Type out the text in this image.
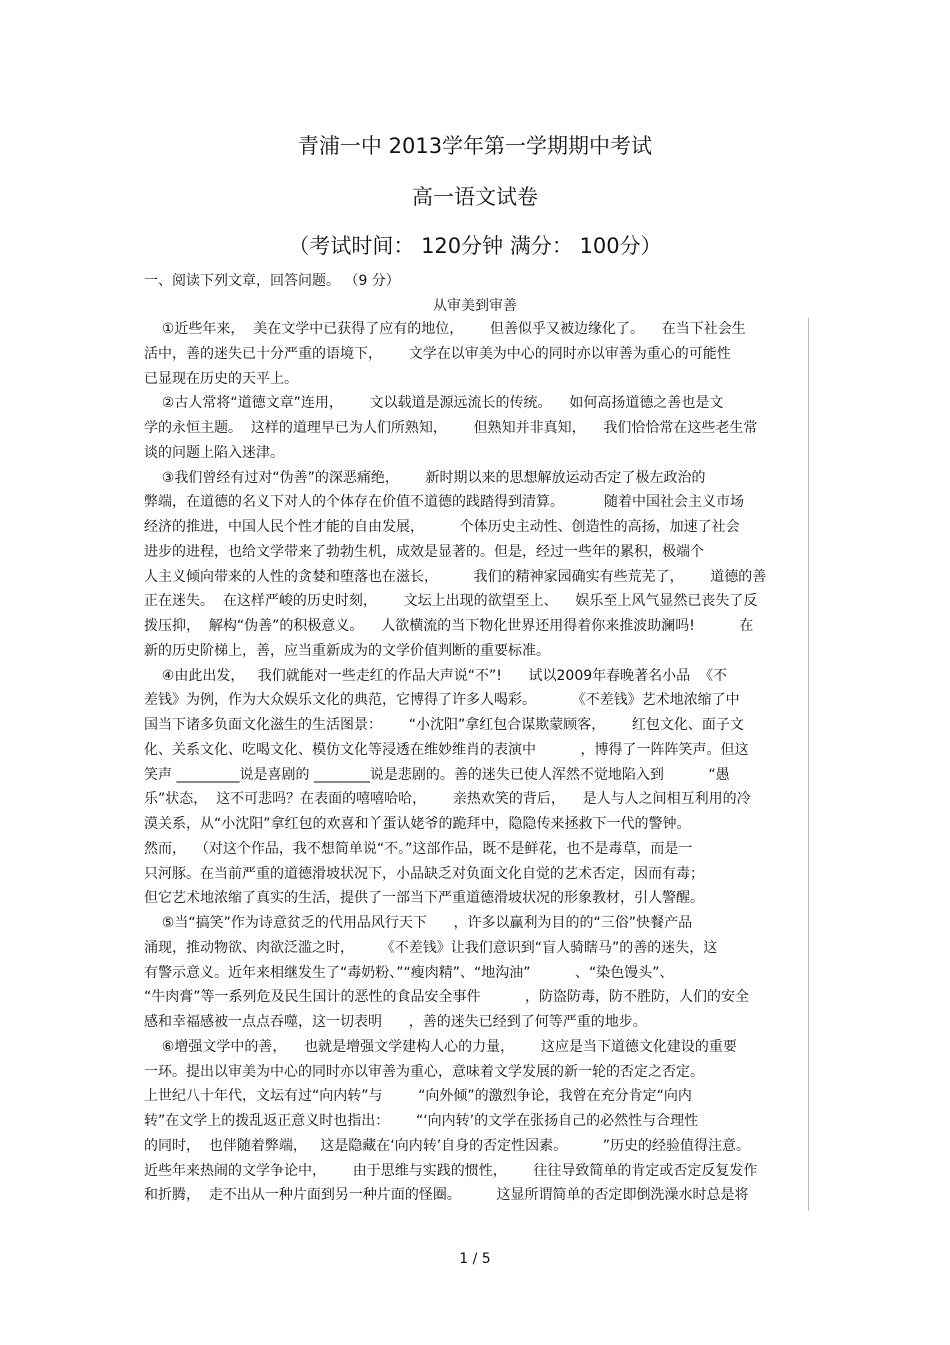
青浦一中 2013学年第一学期期中考试
高一语文试卷
（考试时间： 120分钟 满分： 100分）
一、阅读下列文章，回答问题。 （9 分）
从审美到审善
①近些年来，  美在文学中已获得了应有的地位，      但善似乎又被边缘化了。    在当下社会生
活中，善的迷失已十分严重的语境下，      文学在以审美为中心的同时亦以审善为重心的可能性
已显现在历史的天平上。
②古人常将“道德文章”连用，      文以载道是源远流长的传统。    如何高扬道德之善也是文
学的永恒主题。  这样的道理早已为人们所熟知，      但熟知并非真知，    我们恰恰常在这些老生常
谈的问题上陷入迷津。
③我们曾经有过对“伪善”的深恶痛绝，      新时期以来的思想解放运动否定了极左政治的
弊端，在道德的名义下对人的个体存在价值不道德的践踏得到清算。         随着中国社会主义市场
经济的推进，中国人民个性才能的自由发展，        个体历史主动性、创造性的高扬，加速了社会
进步的进程，也给文学带来了勃勃生机，成效是显著的。但是，经过一些年的累积，极端个
人主义倾向带来的人性的贪婪和堕落也在滋长，        我们的精神家园确实有些荒芜了，      道德的善
正在迷失。  在这样严峻的历史时刻，      文坛上出现的欲望至上、    娱乐至上风气显然已丧失了反
拨压抑，  解构“伪善”的积极意义。    人欲横流的当下物化世界还用得着你来推波助澜吗!          在
新的历史阶梯上，善，应当重新成为的文学价值判断的重要标准。
④由此出发，   我们就能对一些走红的作品大声说“不”!      试以2009年春晚著名小品  《不
差钱》为例，作为大众娱乐文化的典范，它博得了许多人喝彩。        《不差钱》艺术地浓缩了中
国当下诸多负面文化滋生的生活图景：      “小沈阳”拿红包合谋欺蒙顾客，      红包文化、面子文
化、关系文化、吃喝文化、模仿文化等浸透在维妙维肖的表演中          ，博得了一阵阵笑声。但这
笑声 _________说是喜剧的 ________说是悲剧的。善的迷失已使人浑然不觉地陷入到          “愚
乐”状态，  这不可悲吗？在表面的嘻嘻哈哈，      亲热欢笑的背后，    是人与人之间相互利用的冷
漠关系，从“小沈阳”拿红包的欢喜和丫蛋认姥爷的跪拜中，隐隐传来拯救下一代的警钟。
然而，  （对这个作品，我不想简单说“不。”这部作品，既不是鲜花，也不是毒草，而是一
只河豚。在当前严重的道德滑坡状况下，小品缺乏对负面文化自觉的艺术否定，因而有毒；
但它艺术地浓缩了真实的生活，提供了一部当下严重道德滑坡状况的形象教材，引人警醒。
⑤当“搞笑”作为诗意贫乏的代用品风行天下      ，许多以赢利为目的的“三俗”快餐产品
涌现，推动物欲、肉欲泛滥之时，      《不差钱》让我们意识到“盲人骑瞎马”的善的迷失，这
有警示意义。近年来相继发生了“毒奶粉、”“瘦肉精”、“地沟油”          、“染色馒头”、
“牛肉膏”等一系列危及民生国计的恶性的食品安全事件          ，防盗防毒，防不胜防，人们的安全
感和幸福感被一点点吞噬，这一切表明      ，善的迷失已经到了何等严重的地步。
⑥增强文学中的善，    也就是增强文学建构人心的力量，      这应是当下道德文化建设的重要
一环。提出以审美为中心的同时亦以审善为重心，意味着文学发展的新一轮的否定之否定。
上世纪八十年代，文坛有过“向内转”与        “向外倾”的激烈争论，我曾在充分肯定“向内
转”在文学上的拨乱返正意义时也指出：      “‘向内转’的文学在张扬自己的必然性与合理性
的同时，  也伴随着弊端，   这是隐藏在‘向内转’自身的否定性因素。        ”历史的经验值得注意。
近些年来热闹的文学争论中，      由于思维与实践的惯性，      往往导致简单的肯定或否定反复发作
和折腾，  走不出从一种片面到另一种片面的怪圈。        这显所谓简单的否定即倒洗澡水时总是将
1 / 5
